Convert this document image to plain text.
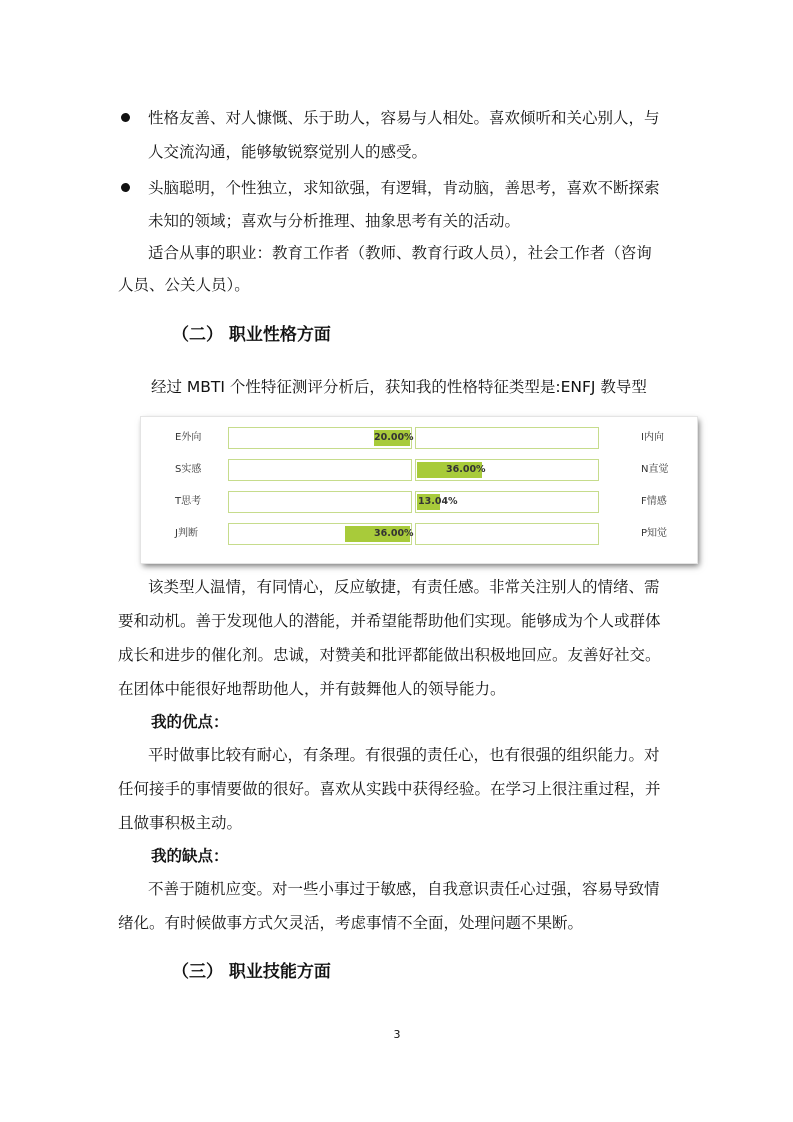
性格友善、对人慷慨、乐于助人，容易与人相处。喜欢倾听和关心别人，与

人交流沟通，能够敏锐察觉别人的感受。

头脑聪明，个性独立，求知欲强，有逻辑，肯动脑，善思考，喜欢不断探索

未知的领域；喜欢与分析推理、抽象思考有关的活动。

适合从事的职业：教育工作者（教师、教育行政人员），社会工作者（咨询

人员、公关人员）。

（二） 职业性格方面

经过 MBTI 个性特征测评分析后，获知我的性格特征类型是:ENFJ 教导型

E外向
S实感
T思考
J判断
20.00%
36.00%
13.04%
36.00%
I内向
N直觉
F情感
P知觉

该类型人温情，有同情心，反应敏捷，有责任感。非常关注别人的情绪、需

要和动机。善于发现他人的潜能，并希望能帮助他们实现。能够成为个人或群体

成长和进步的催化剂。忠诚，对赞美和批评都能做出积极地回应。友善好社交。

在团体中能很好地帮助他人，并有鼓舞他人的领导能力。

我的优点：

平时做事比较有耐心，有条理。有很强的责任心，也有很强的组织能力。对

任何接手的事情要做的很好。喜欢从实践中获得经验。在学习上很注重过程，并

且做事积极主动。

我的缺点：

不善于随机应变。对一些小事过于敏感，自我意识责任心过强，容易导致情

绪化。有时候做事方式欠灵活，考虑事情不全面，处理问题不果断。

（三） 职业技能方面
3
